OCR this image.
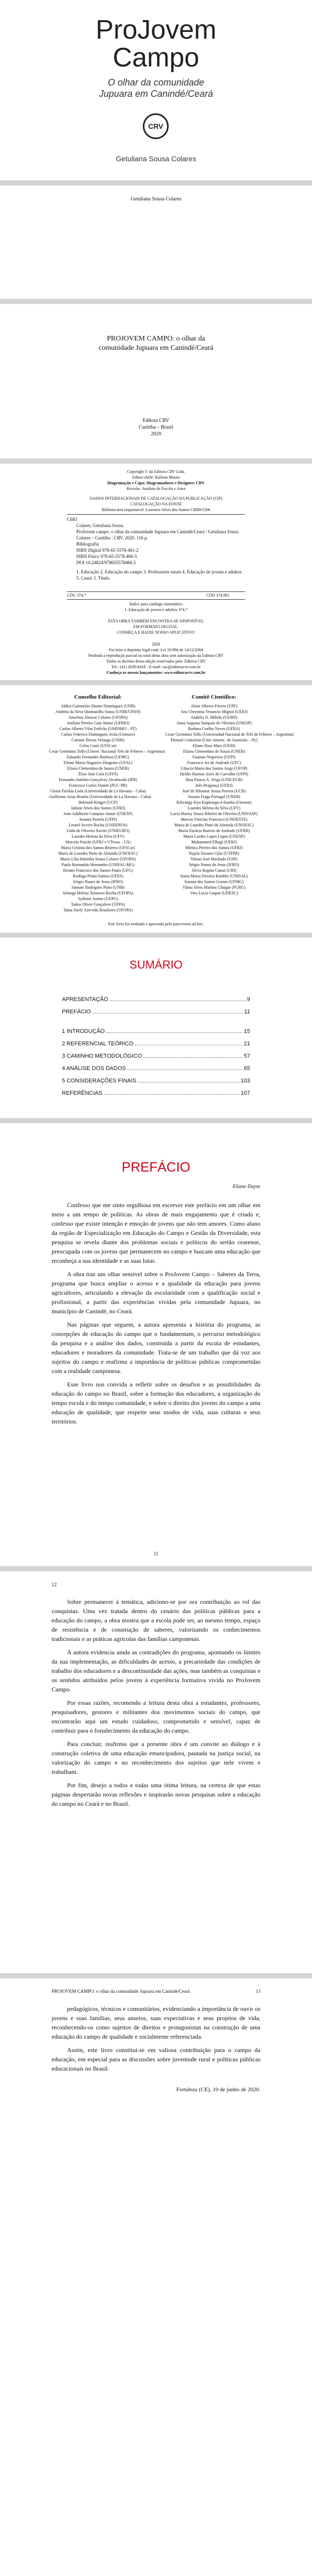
ProJovem
Campo
O olhar da comunidade
Jupuara em Canindé/Ceará
CRV
Getuliana Sousa Colares
Getuliana Sousa Colares
PROJOVEM CAMPO: o olhar da
comunidade Jupuara em Canindé/Ceará
Editora CRV
Curitiba – Brasil
2020
Copyright © da Editora CRV Ltda.
Editor-chefe: Railson Moura
Diagramação e Capa: Diagramadores e Designers CRV
Revisão: Analista de Escrita e Artes
DADOS INTERNACIONAIS DE CATALOGAÇÃO NA PUBLICAÇÃO (CIP)
CATALOGAÇÃO NA FONTE
Bibliotecária responsável: Luzenira Alves dos Santos CRB9/1506
C683
Colares, Getuliana Sousa.
ProJovem campo: o olhar da comunidade Jupuara em Canindé/Ceará / Getuliana Sousa Colares – Curitiba : CRV, 2020. 116 p.
Bibliografia
ISBN Digital 978-65-5578-461-2
ISBN Físico 978-65-5578-460-5
DOI 10.24824/978655578460.5
1. Educação 2. Educação do campo 3. Professores rurais 4. Educação de jovens e adultos 5. Ceará. I. Título.
CDU 374.7	CDD 374.981
Índice para catálogo sistemático
1. Educação de jovens e adultos 374.7
ESTA OBRA TAMBÉM ENCONTRA-SE DISPONÍVEL
EM FORMATO DIGITAL.
CONHEÇA E BAIXE NOSSO APLICATIVO!
2020
Foi feito o depósito legal conf. Lei 10.994 de 14/12/2004
Proibida a reprodução parcial ou total desta obra sem autorização da Editora CRV
Todos os direitos desta edição reservados pela: Editora CRV
Tel.: (41) 3039-6418 - E-mail: sac@editoracrv.com.br
Conheça os nossos lançamentos: www.editoracrv.com.br
Conselho Editorial:
Aldira Guimarães Duarte Domínguez (UNB)
Andréia da Silva Quintanilha Sousa (UNIR/UFRN)
Anselmo Alencar Colares (UFOPA)
Antônio Pereira Gaio Júnior (UFRRJ)
Carlos Alberto Vilar Estêvão (UMINHO – PT)
Carlos Federico Dominguez Avila (Unieuro)
Carmen Tereza Velanga (UNIR)
Celso Conti (UFSCar)
Cesar Gerónimo Tello (Univer. Nacional Três de Febrero – Argentina)
Eduardo Fernandes Barbosa (UFMG)
Elione Maria Nogueira Diogenes (UFAL)
Elizeu Clementino de Souza (UNEB)
Élsio José Corá (UFFS)
Fernando Antônio Gonçalves Alcoforado (IPB)
Francisco Carlos Duarte (PUC-PR)
Gloria Fariñas León (Universidade de La Havana – Cuba)
Guillermo Arias Beatón (Universidade de La Havana – Cuba)
Helmuth Krüger (UCP)
Jailson Alves dos Santos (UFRJ)
João Adalberto Campato Junior (UNESP)
Josania Portela (UFPI)
Leonel Severo Rocha (UNISINOS)
Lídia de Oliveira Xavier (UNIEURO)
Lourdes Helena da Silva (UFV)
Marcelo Paixão (UFRJ e UTexas – US)
Maria Cristina dos Santos Bezerra (UFSCar)
Maria de Lourdes Pinto de Almeida (UNOESC)
Maria Lília Imbiriba Sousa Colares (UFOPA)
Paulo Romualdo Hernandes (UNIFAL-MG)
Renato Francisco dos Santos Paula (UFG)
Rodrigo Pratte-Santos (UFES)
Sérgio Nunes de Jesus (IFRO)
Simone Rodrigues Pinto (UNB)
Solange Helena Ximenes-Rocha (UFOPA)
Sydione Santos (UEPG)
Tadeu Oliver Gonçalves (UFPA)
Tania Suely Azevedo Brasileiro (UFOPA)
Comitê Científico:
Altair Alberto Fávero (UPF)
Ana Chrystina Venancio Mignot (UERJ)
Andréia N. Militão (UEMS)
Anna Augusta Sampaio de Oliveira (UNESP)
Barbara Coelho Neves (UFBA)
Cesar Gerónimo Tello (Universidad Nacional de Três de Febrero – Argentina)
Diosnel Centurion (Univ Americ. de Asunción – Py)
Eliane Rose Maio (UEM)
Elizeu Clementino de Souza (UNEB)
Fauston Negreiros (UFPI)
Francisco Ari de Andrade (UFC)
Gláucia Maria dos Santos Jorge (UFOP)
Helder Buenos Aires de Carvalho (UFPI)
Ilma Passos A. Veiga (UNICEUB)
Inês Bragança (UERJ)
José de Ribamar Sousa Pereira (UCB)
Jussara Fraga Portugal (UNEB)
Kilwangy Kya Kapitango-a-Samba (Unemat)
Lourdes Helena da Silva (UFV)
Lucia Marisy Souza Ribeiro de Oliveira (UNIVASF)
Marcos Vinicius Francisco (UNOESTE)
Maria de Lourdes Pinto de Almeida (UNOESC)
Maria Eurácia Barreto de Andrade (UFRB)
Maria Lurdes Lopes Lopes (UNESP)
Mohammed Elhajji (UFRJ)
Mônica Pereira dos Santos (UFRJ)
Najela Tavares Ujiie (UTFPR)
Nilson José Machado (USP)
Sérgio Nunes de Jesus (IFRO)
Silvia Regina Canan (URI)
Sonia Maria Ferreira Koehler (UNISAL)
Suzana dos Santos Gomes (UFMG)
Vânia Alves Martins Chaigar (FURG)
Vera Lucia Gaspar (UDESC)
Este livro foi avaliado e aprovado pelo parecerista ad hoc.
SUMÁRIO
APRESENTAÇÃO	9
PREFÁCIO	11
1 INTRODUÇÃO	15
2 REFERENCIAL TEÓRICO	21
3 CAMINHO METODOLÓGICO	57
4 ANÁLISE DOS DADOS	65
5 CONSIDERAÇÕES FINAIS	103
REFERÊNCIAS	107
PREFÁCIO
Eliane Dayse

Confesso que me sinto orgulhosa em escrever este prefácio em um olhar em meio a um tempo de políticas. As obras de mais engajamento que é criado e, confesso que existe intenção e emoção de jovens que não tem amores. Como aluno da região de Especialização em Educação do Campo e Gestão da Diversidade, esta pesquisa se revela diante dos problemas sociais e políticos do sertão cearense, preocupada com os jovens que permanecem no campo e buscam uma educação que reconheça a sua identidade e as suas lutas.

A obra traz um olhar sensível sobre o ProJovem Campo – Saberes da Terra, programa que busca ampliar o acesso e a qualidade da educação para jovens agricultores, articulando a elevação da escolaridade com a qualificação social e profissional, a partir das experiências vividas pela comunidade Jupuara, no município de Canindé, no Ceará.

Nas páginas que seguem, a autora apresenta a história do programa, as concepções de educação do campo que o fundamentam, o percurso metodológico da pesquisa e a análise dos dados, construída a partir da escuta de estudantes, educadores e moradores da comunidade. Trata-se de um trabalho que dá voz aos sujeitos do campo e reafirma a importância de políticas públicas comprometidas com a realidade camponesa.

Esse livro nos convida a refletir sobre os desafios e as possibilidades da educação do campo no Brasil, sobre a formação dos educadores, a organização do tempo escola e do tempo comunidade, e sobre o direito dos jovens do campo a uma educação de qualidade, que respeite seus modos de vida, suas culturas e seus territórios.

11
12

Sobre permanecer à temática, adiciono-se por ora contribuição ao rol das conquistas. Uma vez tratada dentro do cenário das políticas públicas para a educação do campo, a obra mostra que a escola pode ser, ao mesmo tempo, espaço de resistência e de construção de saberes, valorizando os conhecimentos tradicionais e as práticas agrícolas das famílias camponesas.

A autora evidencia ainda as contradições do programa, apontando os limites da sua implementação, as dificuldades de acesso, a precariedade das condições de trabalho dos educadores e a descontinuidade das ações, mas também as conquistas e os sentidos atribuídos pelos jovens à experiência formativa vivida no ProJovem Campo.

Por essas razões, recomendo a leitura desta obra a estudantes, professores, pesquisadores, gestores e militantes dos movimentos sociais do campo, que encontrarão aqui um estudo cuidadoso, comprometido e sensível, capaz de contribuir para o fortalecimento da educação do campo.

Para concluir, reafirmo que a presente obra é um convite ao diálogo e à construção coletiva de uma educação emancipadora, pautada na justiça social, na valorização do campo e no reconhecimento dos sujeitos que nele vivem e trabalham.

Por fim, desejo a todos e todas uma ótima leitura, na certeza de que estas páginas despertarão novas reflexões e inspirarão novas pesquisas sobre a educação do campo no Ceará e no Brasil.

PROJOVEM CAMPO: o olhar da comunidade Jupuara em Canindé/Ceará	13

pedagógicos, técnicos e comunitários, evidenciando a importância de ouvir os jovens e suas famílias, seus anseios, suas expectativas e seus projetos de vida, reconhecendo-os como sujeitos de direitos e protagonistas na construção de uma educação do campo de qualidade e socialmente referenciada.

Assim, este livro constitui-se em valiosa contribuição para o campo da educação, em especial para as discussões sobre juventude rural e políticas públicas educacionais no Brasil.

Fortaleza (CE), 10 de junho de 2020.
